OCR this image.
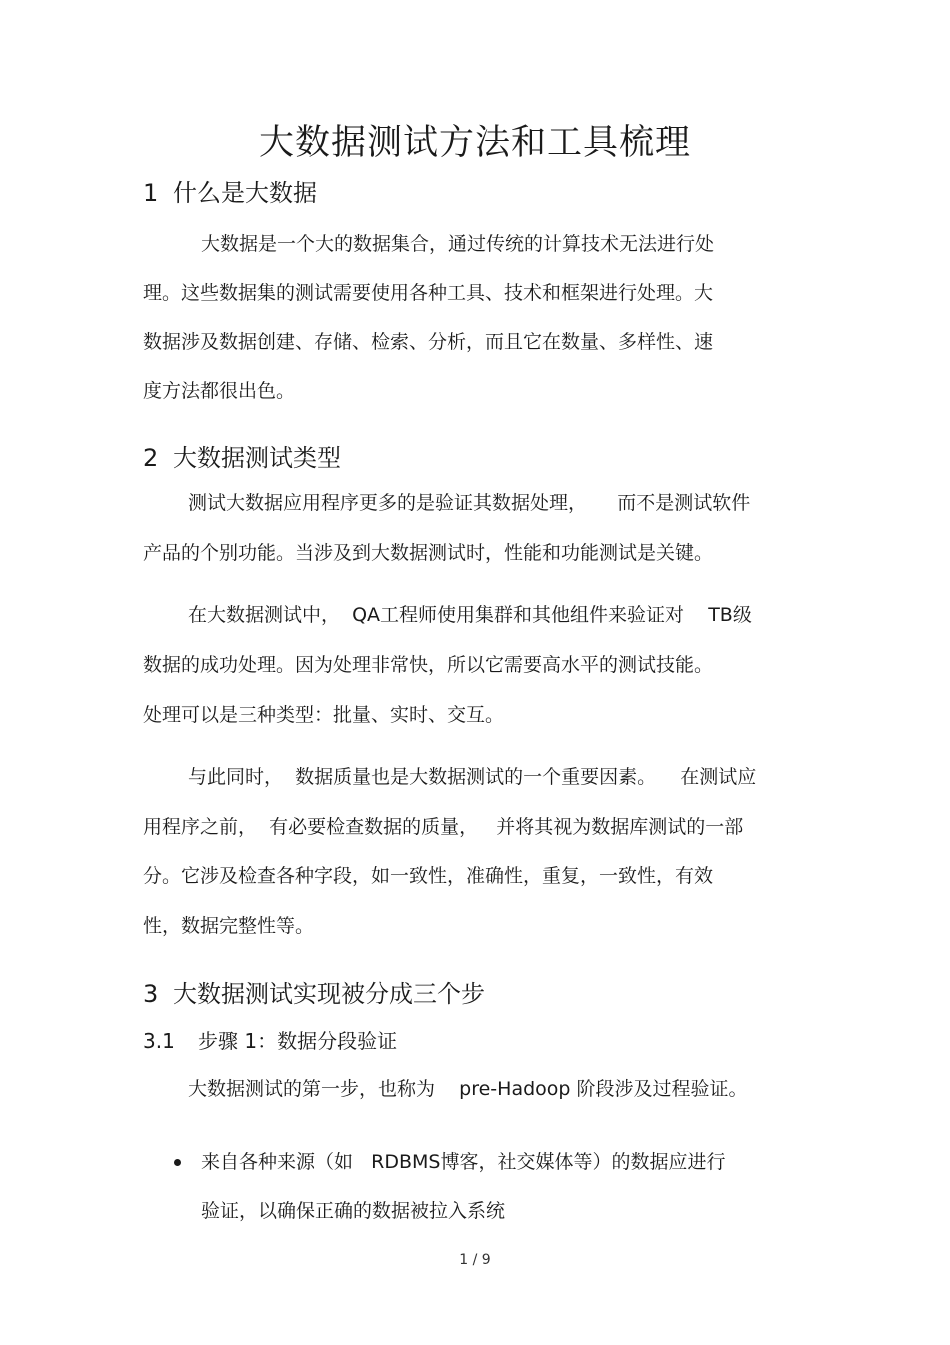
大数据测试方法和工具梳理
1 什么是大数据
大数据是一个大的数据集合，通过传统的计算技术无法进行处
理。这些数据集的测试需要使用各种工具、技术和框架进行处理。大
数据涉及数据创建、存储、检索、分析，而且它在数量、多样性、速
度方法都很出色。
2 大数据测试类型
测试大数据应用程序更多的是验证其数据处理，     而不是测试软件
产品的个别功能。当涉及到大数据测试时，性能和功能测试是关键。
在大数据测试中，  QA工程师使用集群和其他组件来验证对    TB级
数据的成功处理。因为处理非常快，所以它需要高水平的测试技能。
处理可以是三种类型：批量、实时、交互。
与此同时，  数据质量也是大数据测试的一个重要因素。    在测试应
用程序之前，  有必要检查数据的质量，   并将其视为数据库测试的一部
分。它涉及检查各种字段，如一致性，准确性，重复，一致性，有效
性，数据完整性等。
3 大数据测试实现被分成三个步
3.1 步骤 1：数据分段验证
大数据测试的第一步，也称为    pre-Hadoop 阶段涉及过程验证。
来自各种来源（如   RDBMS博客，社交媒体等）的数据应进行
验证，以确保正确的数据被拉入系统
1 / 9
